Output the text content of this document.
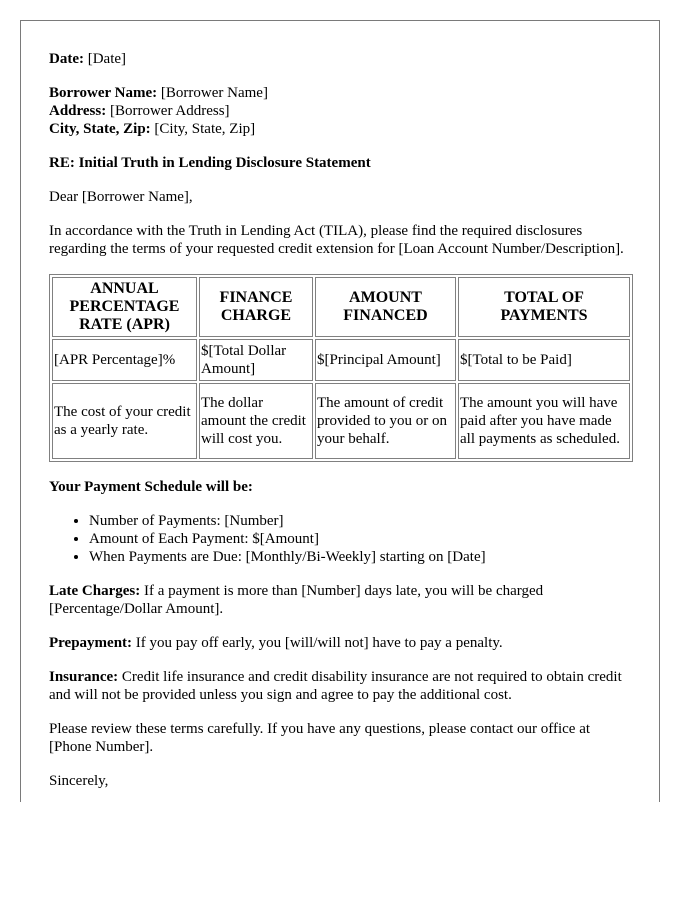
Date: [Date]

Borrower Name: [Borrower Name]

Address: [Borrower Address]

City, State, Zip: [City, State, Zip]

RE: Initial Truth in Lending Disclosure Statement

Dear [Borrower Name],

In accordance with the Truth in Lending Act (TILA), please find the required disclosures regarding the terms of your requested credit extension for [Loan Account Number/Description].

ANNUAL PERCENTAGE RATE (APR)	FINANCE CHARGE	AMOUNT FINANCED	TOTAL OF PAYMENTS
[APR Percentage]%	$[Total Dollar Amount]	$[Principal Amount]	$[Total to be Paid]
The cost of your credit as a yearly rate.	The dollar amount the credit will cost you.	The amount of credit provided to you or on your behalf.	The amount you will have paid after you have made all payments as scheduled.

Your Payment Schedule will be:

• Number of Payments: [Number]
• Amount of Each Payment: $[Amount]
• When Payments are Due: [Monthly/Bi-Weekly] starting on [Date]

Late Charges: If a payment is more than [Number] days late, you will be charged [Percentage/Dollar Amount].

Prepayment: If you pay off early, you [will/will not] have to pay a penalty.

Insurance: Credit life insurance and credit disability insurance are not required to obtain credit and will not be provided unless you sign and agree to pay the additional cost.

Please review these terms carefully. If you have any questions, please contact our office at [Phone Number].

Sincerely,
